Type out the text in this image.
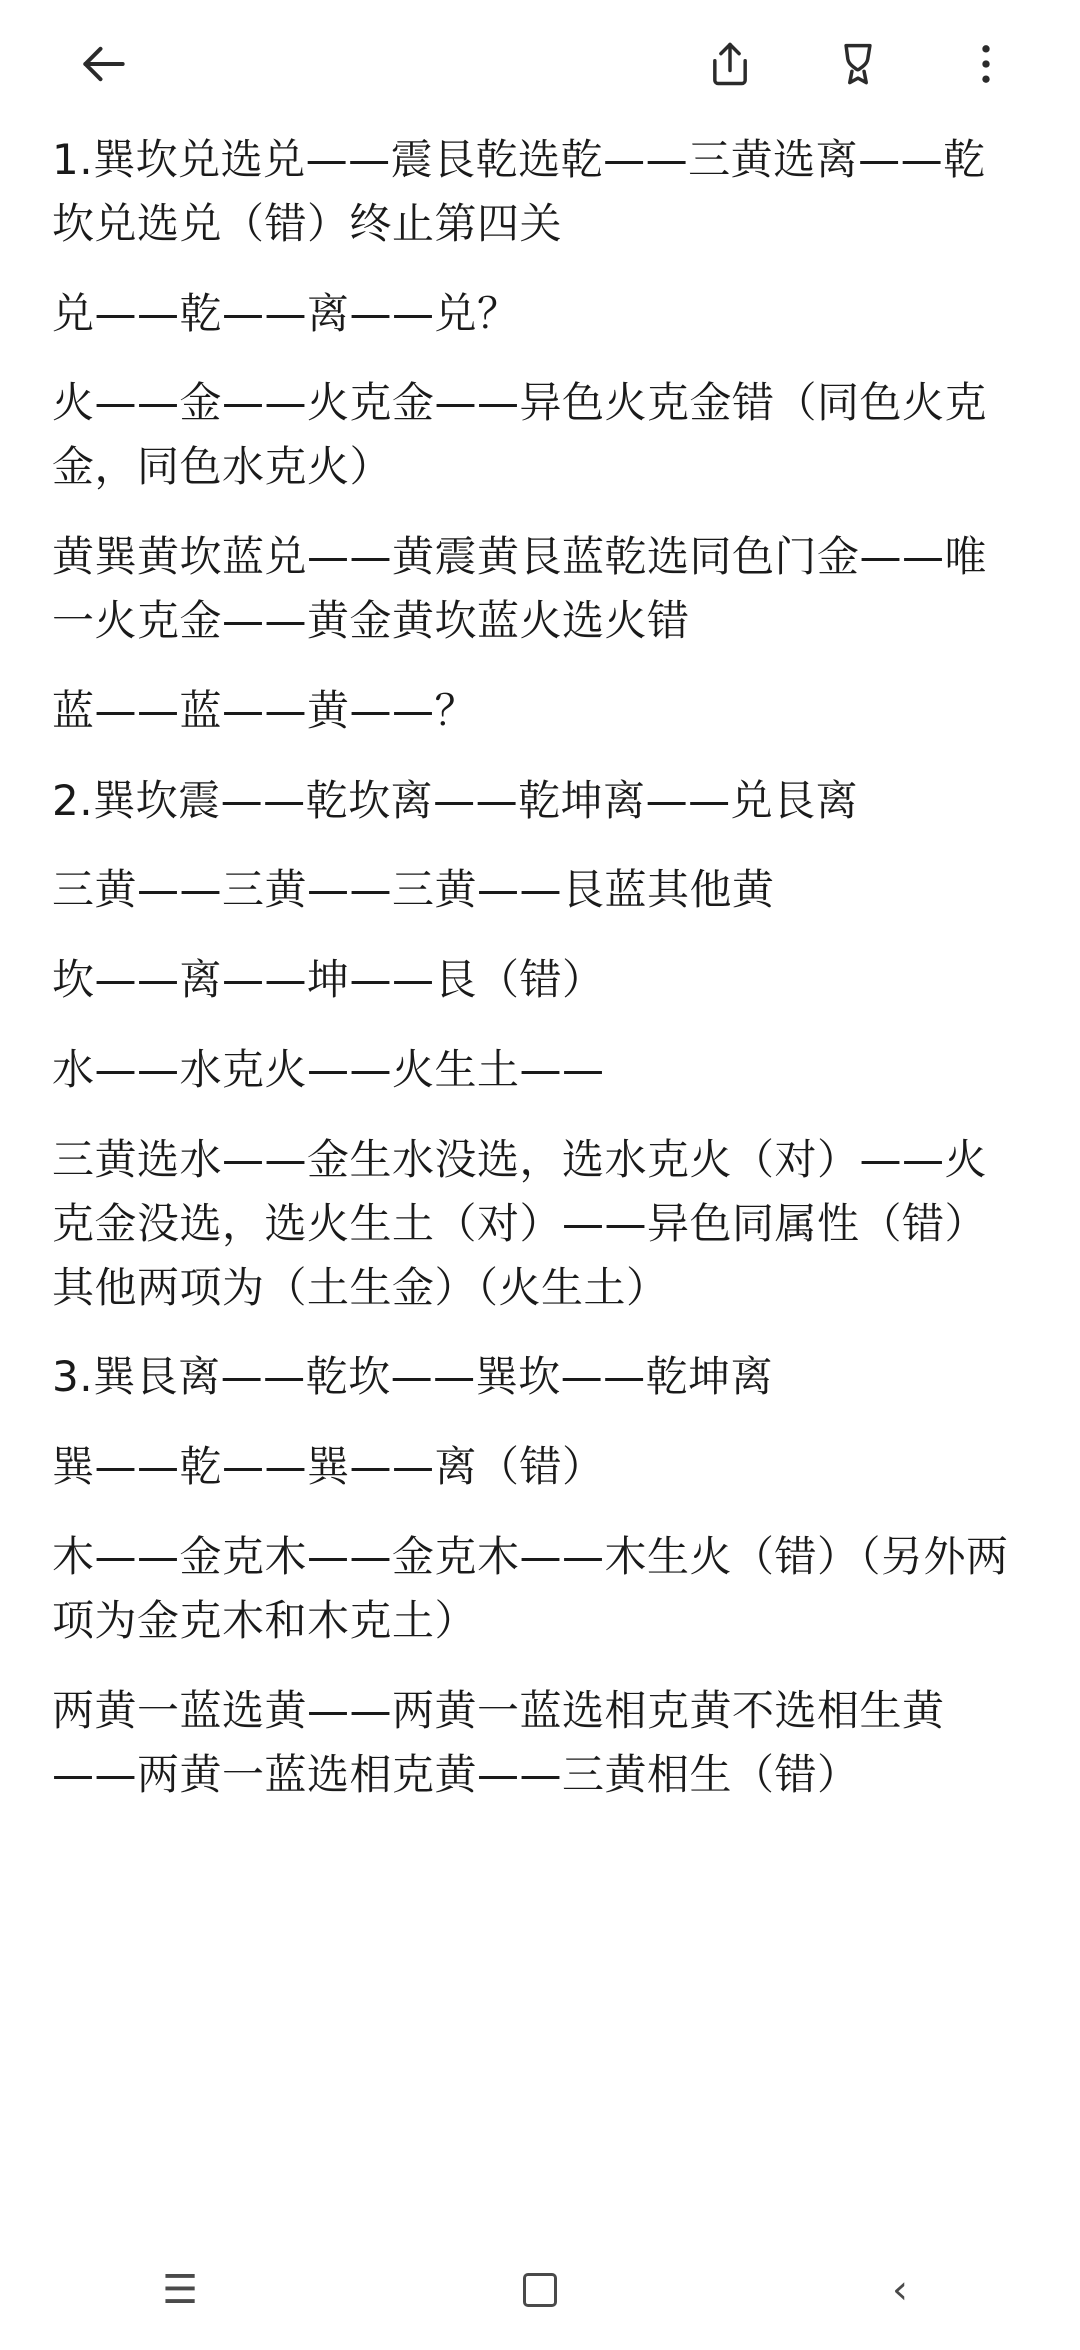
1.巽坎兑选兑——震艮乾选乾——三黄选离——乾坎兑选兑（错）终止第四关

兑——乾——离——兑？

火——金——火克金——异色火克金错（同色火克金，同色水克火）

黄巽黄坎蓝兑——黄震黄艮蓝乾选同色门金——唯一火克金——黄金黄坎蓝火选火错

蓝——蓝——黄——？

2.巽坎震——乾坎离——乾坤离——兑艮离

三黄——三黄——三黄——艮蓝其他黄

坎——离——坤——艮（错）

水——水克火——火生土——

三黄选水——金生水没选，选水克火（对）——火克金没选，选火生土（对）——异色同属性（错）其他两项为（土生金）（火生土）

3.巽艮离——乾坎——巽坎——乾坤离

巽——乾——巽——离（错）

木——金克木——金克木——木生火（错）（另外两项为金克木和木克土）

两黄一蓝选黄——两黄一蓝选相克黄不选相生黄——两黄一蓝选相克黄——三黄相生（错）

☰	‹
